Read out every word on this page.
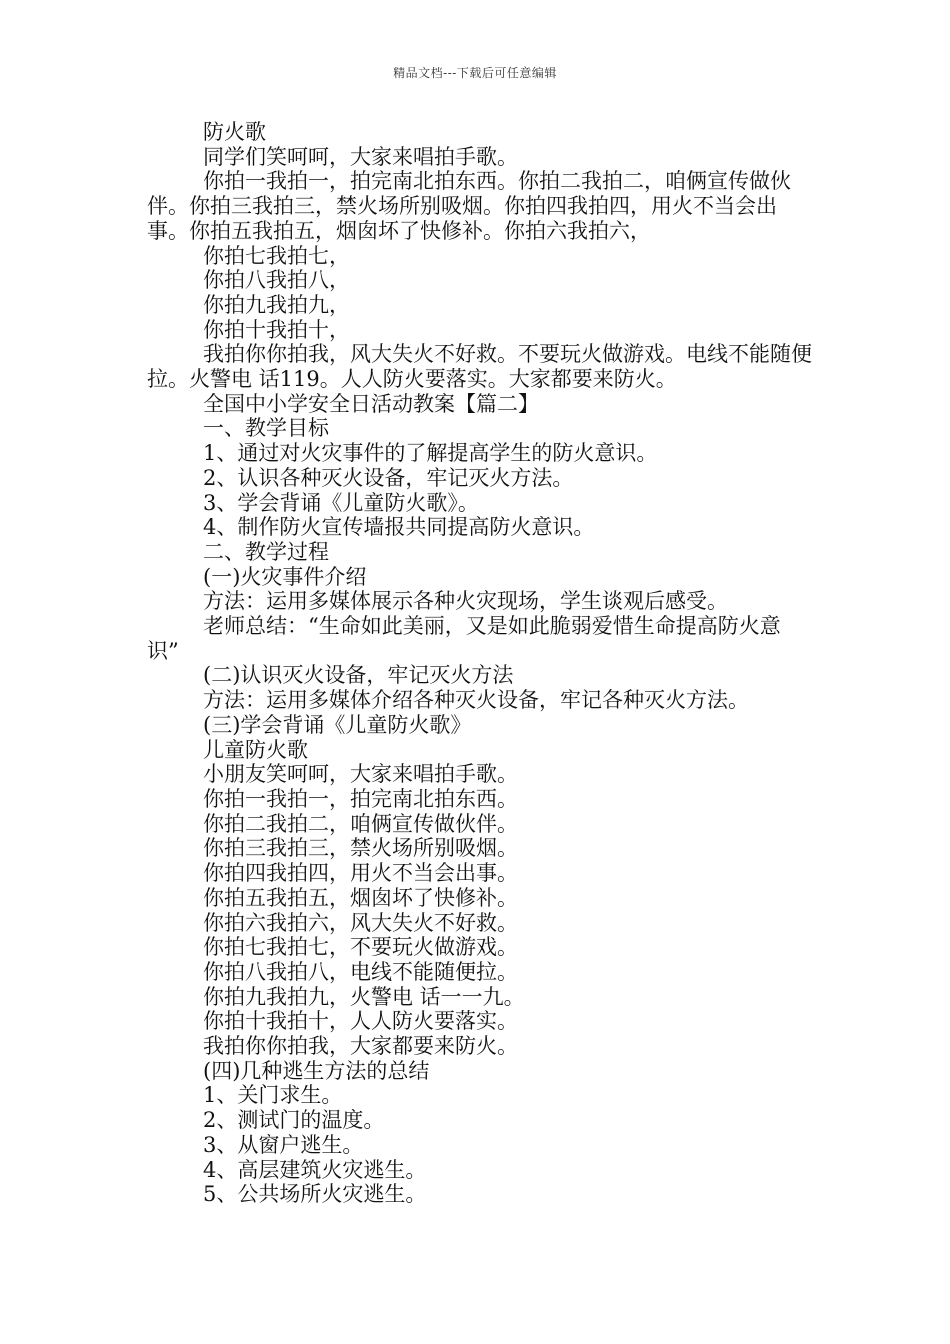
精品文档---下载后可任意编辑

防火歌

同学们笑呵呵，大家来唱拍手歌。

你拍一我拍一，拍完南北拍东西。你拍二我拍二，咱俩宣传做伙伴。你拍三我拍三，禁火场所别吸烟。你拍四我拍四，用火不当会出事。你拍五我拍五，烟囱坏了快修补。你拍六我拍六，

你拍七我拍七，

你拍八我拍八，

你拍九我拍九，

你拍十我拍十，

我拍你你拍我，风大失火不好救。不要玩火做游戏。电线不能随便拉。火警电 话119。人人防火要落实。大家都要来防火。

全国中小学安全日活动教案【篇二】

一、教学目标

1、通过对火灾事件的了解提高学生的防火意识。

2、认识各种灭火设备，牢记灭火方法。

3、学会背诵《儿童防火歌》。

4、制作防火宣传墙报共同提高防火意识。

二、教学过程

(一)火灾事件介绍

方法：运用多媒体展示各种火灾现场，学生谈观后感受。

老师总结：“生命如此美丽，又是如此脆弱爱惜生命提高防火意识”

(二)认识灭火设备，牢记灭火方法

方法：运用多媒体介绍各种灭火设备，牢记各种灭火方法。

(三)学会背诵《儿童防火歌》

儿童防火歌

小朋友笑呵呵，大家来唱拍手歌。

你拍一我拍一，拍完南北拍东西。

你拍二我拍二，咱俩宣传做伙伴。

你拍三我拍三，禁火场所别吸烟。

你拍四我拍四，用火不当会出事。

你拍五我拍五，烟囱坏了快修补。

你拍六我拍六，风大失火不好救。

你拍七我拍七，不要玩火做游戏。

你拍八我拍八，电线不能随便拉。

你拍九我拍九，火警电 话一一九。

你拍十我拍十，人人防火要落实。

我拍你你拍我，大家都要来防火。

(四)几种逃生方法的总结

1、关门求生。

2、测试门的温度。

3、从窗户逃生。

4、高层建筑火灾逃生。

5、公共场所火灾逃生。
